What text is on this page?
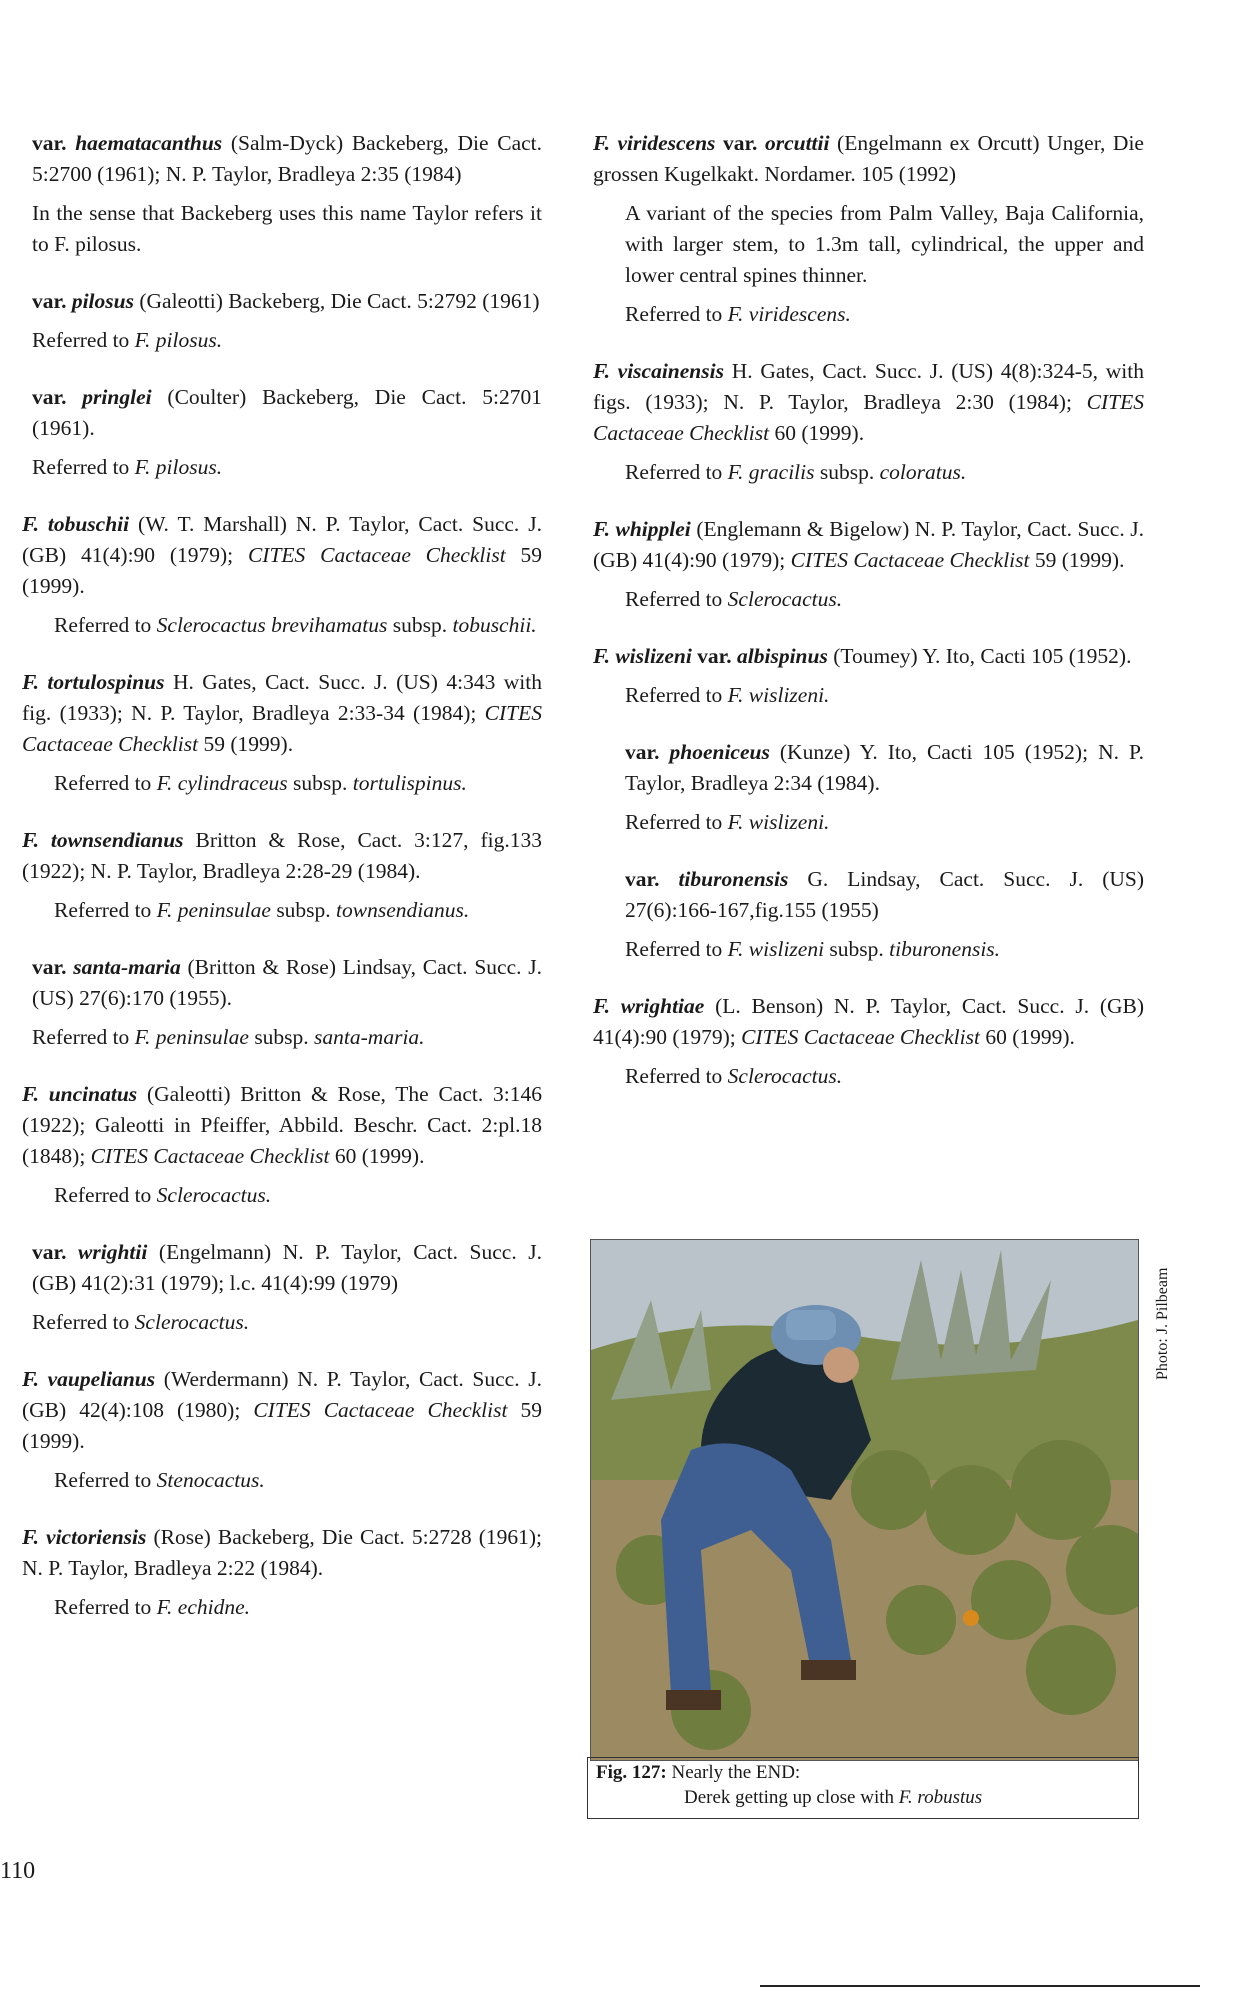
var. haematacanthus (Salm-Dyck) Backeberg, Die Cact. 5:2700 (1961); N. P. Taylor, Bradleya 2:35 (1984)
In the sense that Backeberg uses this name Taylor refers it to F. pilosus.
var. pilosus (Galeotti) Backeberg, Die Cact. 5:2792 (1961)
Referred to F. pilosus.
var. pringlei (Coulter) Backeberg, Die Cact. 5:2701 (1961).
Referred to F. pilosus.
F. tobuschii (W. T. Marshall) N. P. Taylor, Cact. Succ. J. (GB) 41(4):90 (1979); CITES Cactaceae Checklist 59 (1999).
Referred to Sclerocactus brevihamatus subsp. tobuschii.
F. tortulospinus H. Gates, Cact. Succ. J. (US) 4:343 with fig. (1933); N. P. Taylor, Bradleya 2:33-34 (1984); CITES Cactaceae Checklist 59 (1999).
Referred to F. cylindraceus subsp. tortulispinus.
F. townsendianus Britton & Rose, Cact. 3:127, fig.133 (1922); N. P. Taylor, Bradleya 2:28-29 (1984).
Referred to F. peninsulae subsp. townsendianus.
var. santa-maria (Britton & Rose) Lindsay, Cact. Succ. J. (US) 27(6):170 (1955).
Referred to F. peninsulae subsp. santa-maria.
F. uncinatus (Galeotti) Britton & Rose, The Cact. 3:146 (1922); Galeotti in Pfeiffer, Abbild. Beschr. Cact. 2:pl.18 (1848); CITES Cactaceae Checklist 60 (1999).
Referred to Sclerocactus.
var. wrightii (Engelmann) N. P. Taylor, Cact. Succ. J. (GB) 41(2):31 (1979); l.c. 41(4):99 (1979)
Referred to Sclerocactus.
F. vaupelianus (Werdermann) N. P. Taylor, Cact. Succ. J. (GB) 42(4):108 (1980); CITES Cactaceae Checklist 59 (1999).
Referred to Stenocactus.
F. victoriensis (Rose) Backeberg, Die Cact. 5:2728 (1961); N. P. Taylor, Bradleya 2:22 (1984).
Referred to F. echidne.
F. viridescens var. orcuttii (Engelmann ex Orcutt) Unger, Die grossen Kugelkakt. Nordamer. 105 (1992)
A variant of the species from Palm Valley, Baja California, with larger stem, to 1.3m tall, cylindrical, the upper and lower central spines thinner.
Referred to F. viridescens.
F. viscainensis H. Gates, Cact. Succ. J. (US) 4(8):324-5, with figs. (1933); N. P. Taylor, Bradleya 2:30 (1984); CITES Cactaceae Checklist 60 (1999).
Referred to F. gracilis subsp. coloratus.
F. whipplei (Englemann & Bigelow) N. P. Taylor, Cact. Succ. J. (GB) 41(4):90 (1979); CITES Cactaceae Checklist 59 (1999).
Referred to Sclerocactus.
F. wislizeni var. albispinus (Toumey) Y. Ito, Cacti 105 (1952).
Referred to F. wislizeni.
var. phoeniceus (Kunze) Y. Ito, Cacti 105 (1952); N. P. Taylor, Bradleya 2:34 (1984).
Referred to F. wislizeni.
var. tiburonensis G. Lindsay, Cact. Succ. J. (US) 27(6):166-167,fig.155 (1955)
Referred to F. wislizeni subsp. tiburonensis.
F. wrightiae (L. Benson) N. P. Taylor, Cact. Succ. J. (GB) 41(4):90 (1979); CITES Cactaceae Checklist 60 (1999).
Referred to Sclerocactus.
Photo: J. Pilbeam
Fig. 127: Nearly the END:
Derek getting up close with F. robustus
110
